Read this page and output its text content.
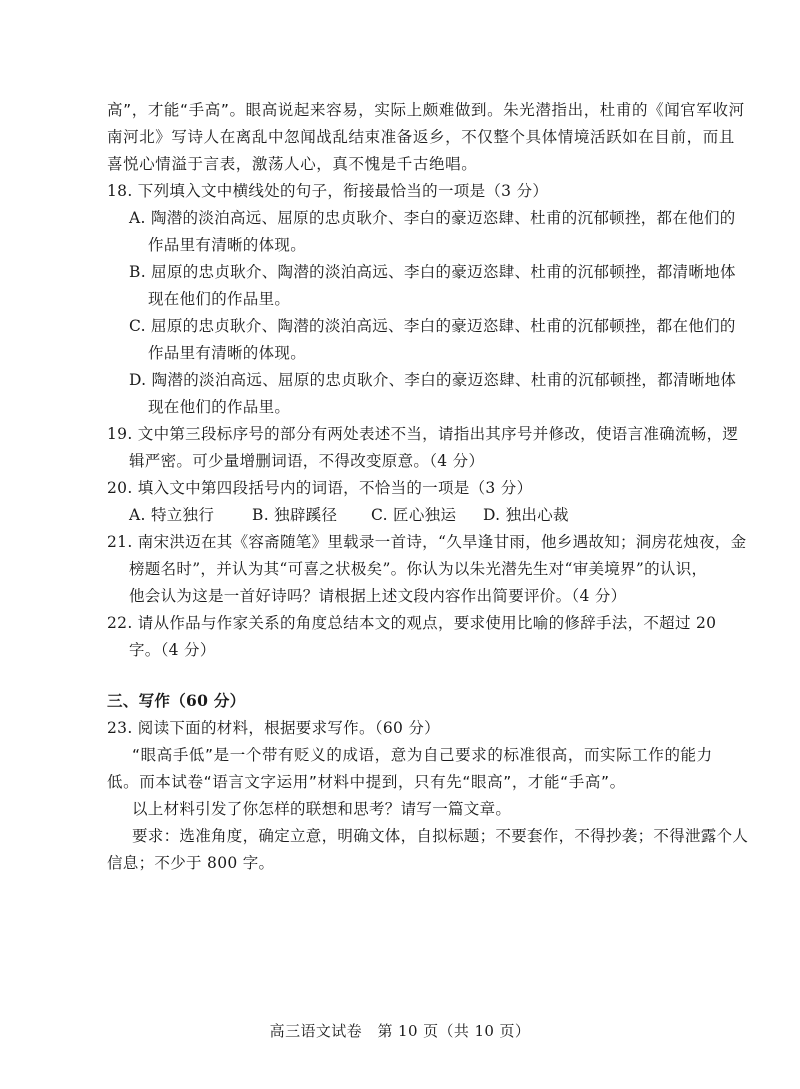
高”，才能“手高”。眼高说起来容易，实际上颇难做到。朱光潜指出，杜甫的《闻官军收河
南河北》写诗人在离乱中忽闻战乱结束准备返乡，不仅整个具体情境活跃如在目前，而且
喜悦心情溢于言表，激荡人心，真不愧是千古绝唱。
18. 下列填入文中横线处的句子，衔接最恰当的一项是（3 分）
A. 陶潜的淡泊高远、屈原的忠贞耿介、李白的豪迈恣肆、杜甫的沉郁顿挫，都在他们的
作品里有清晰的体现。
B. 屈原的忠贞耿介、陶潜的淡泊高远、李白的豪迈恣肆、杜甫的沉郁顿挫，都清晰地体
现在他们的作品里。
C. 屈原的忠贞耿介、陶潜的淡泊高远、李白的豪迈恣肆、杜甫的沉郁顿挫，都在他们的
作品里有清晰的体现。
D. 陶潜的淡泊高远、屈原的忠贞耿介、李白的豪迈恣肆、杜甫的沉郁顿挫，都清晰地体
现在他们的作品里。
19. 文中第三段标序号的部分有两处表述不当，请指出其序号并修改，使语言准确流畅，逻
辑严密。可少量增删词语，不得改变原意。（4 分）
20. 填入文中第四段括号内的词语，不恰当的一项是（3 分）
A. 特立独行 B. 独辟蹊径 C. 匠心独运 D. 独出心裁
21. 南宋洪迈在其《容斋随笔》里载录一首诗，“久旱逢甘雨，他乡遇故知；洞房花烛夜，金
榜题名时”，并认为其“可喜之状极矣”。你认为以朱光潜先生对“审美境界”的认识，
他会认为这是一首好诗吗？请根据上述文段内容作出简要评价。（4 分）
22. 请从作品与作家关系的角度总结本文的观点，要求使用比喻的修辞手法，不超过 20
字。（4 分）
三、写作（60 分）
23. 阅读下面的材料，根据要求写作。（60 分）
“眼高手低”是一个带有贬义的成语，意为自己要求的标准很高，而实际工作的能力
低。而本试卷“语言文字运用”材料中提到，只有先“眼高”，才能“手高”。
以上材料引发了你怎样的联想和思考？请写一篇文章。
要求：选准角度，确定立意，明确文体，自拟标题；不要套作，不得抄袭；不得泄露个人
信息；不少于 800 字。
高三语文试卷　第 10 页（共 10 页）
